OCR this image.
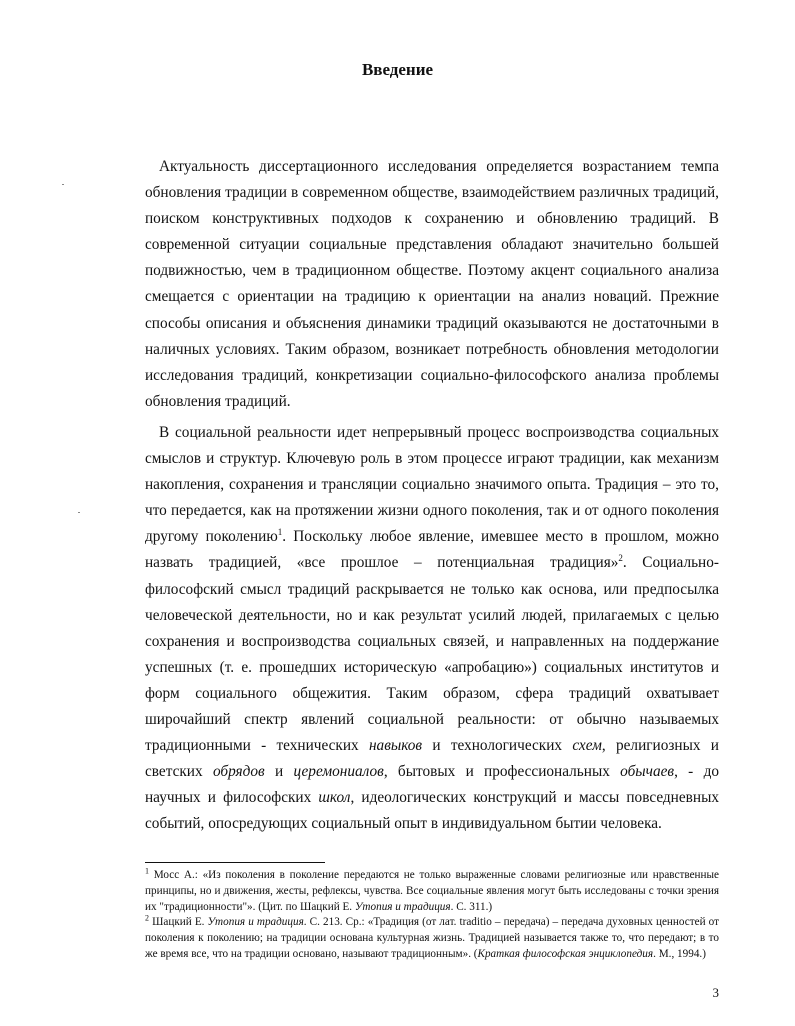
Введение

Актуальность диссертационного исследования определяется возрастанием темпа обновления традиции в современном обществе, взаимодействием различных традиций, поиском конструктивных подходов к сохранению и обновлению традиций. В современной ситуации социальные представления обладают значительно большей подвижностью, чем в традиционном обществе. Поэтому акцент социального анализа смещается с ориентации на традицию к ориентации на анализ новаций. Прежние способы описания и объяснения динамики традиций оказываются не достаточными в наличных условиях. Таким образом, возникает потребность обновления методологии исследования традиций, конкретизации социально-философского анализа проблемы обновления традиций.

В социальной реальности идет непрерывный процесс воспроизводства социальных смыслов и структур. Ключевую роль в этом процессе играют традиции, как механизм накопления, сохранения и трансляции социально значимого опыта. Традиция – это то, что передается, как на протяжении жизни одного поколения, так и от одного поколения другому поколению$^1$. Поскольку любое явление, имевшее место в прошлом, можно назвать традицией, «все прошлое – потенциальная традиция»$^2$. Социально-философский смысл традиций раскрывается не только как основа, или предпосылка человеческой деятельности, но и как результат усилий людей, прилагаемых с целью сохранения и воспроизводства социальных связей, и направленных на поддержание успешных (т. е. прошедших историческую «апробацию») социальных институтов и форм социального общежития. Таким образом, сфера традиций охватывает широчайший спектр явлений социальной реальности: от обычно называемых традиционными - технических навыков и технологических схем, религиозных и светских обрядов и церемониалов, бытовых и профессиональных обычаев, - до научных и философских школ, идеологических конструкций и массы повседневных событий, опосредующих социальный опыт в индивидуальном бытии человека.

$^1$ Мосс А.: «Из поколения в поколение передаются не только выраженные словами религиозные или нравственные принципы, но и движения, жесты, рефлексы, чувства. Все социальные явления могут быть исследованы с точки зрения их "традиционности"». (Цит. по Шацкий Е. Утопия и традиция. С. 311.)

$^2$ Шацкий Е. Утопия и традиция. С. 213. Ср.: «Традиция (от лат. traditio – передача) – передача духовных ценностей от поколения к поколению; на традиции основана культурная жизнь. Традицией называется также то, что передают; в то же время все, что на традиции основано, называют традиционным». (Краткая философская энциклопедия. М., 1994.)

3
